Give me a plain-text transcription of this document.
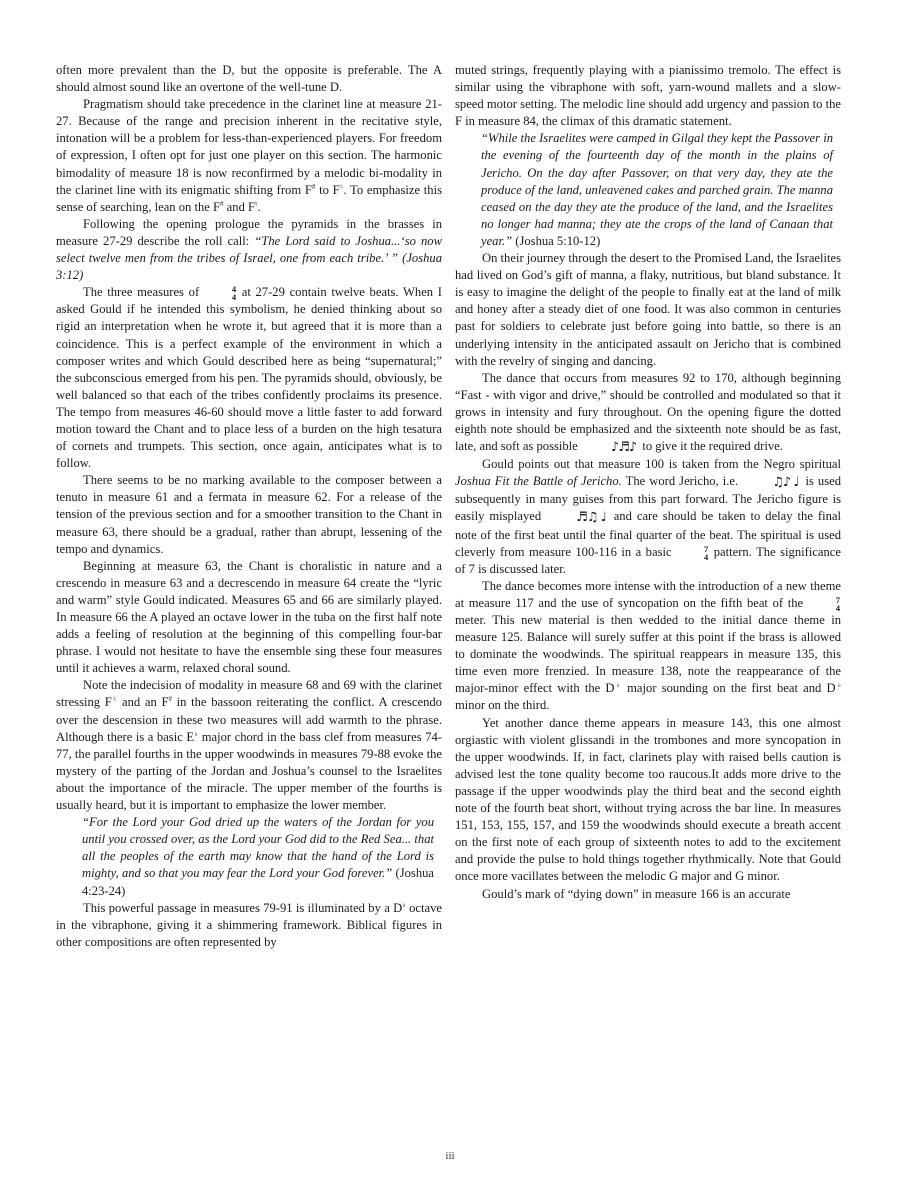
often more prevalent than the D, but the opposite is preferable. The A should almost sound like an overtone of the well-tune D.

Pragmatism should take precedence in the clarinet line at measure 21-27. Because of the range and precision inherent in the recitative style, intonation will be a problem for less-than-experienced players. For freedom of expression, I often opt for just one player on this section. The harmonic bimodality of measure 18 is now reconfirmed by a melodic bi-modality in the clarinet line with its enigmatic shifting from F# to F♮. To emphasize this sense of searching, lean on the F# and F♮.

Following the opening prologue the pyramids in the brasses in measure 27-29 describe the roll call: “The Lord said to Joshua...‘so now select twelve men from the tribes of Israel, one from each tribe.’ ” (Joshua 3:12)

The three measures of	4
4 at 27-29 contain twelve beats. When I asked Gould if he intended this symbolism, he denied thinking about so rigid an interpretation when he wrote it, but agreed that it is more than a coincidence. This is a perfect example of the environment in which a composer writes and which Gould described here as being “supernatural;” the subconscious emerged from his pen. The pyramids should, obviously, be well balanced so that each of the tribes confidently proclaims its presence. The tempo from measures 46-60 should move a little faster to add forward motion toward the Chant and to place less of a burden on the high tesatura of cornets and trumpets. This section, once again, anticipates what is to follow.

There seems to be no marking available to the composer between a tenuto in measure 61 and a fermata in measure 62. For a release of the tension of the previous section and for a smoother transition to the Chant in measure 63, there should be a gradual, rather than abrupt, lessening of the tempo and dynamics.

Beginning at measure 63, the Chant is choralistic in nature and a crescendo in measure 63 and a decrescendo in measure 64 create the “lyric and warm” style Gould indicated. Measures 65 and 66 are similarly played. In measure 66 the A played an octave lower in the tuba on the first half note adds a feeling of resolution at the beginning of this compelling four-bar phrase. I would not hesitate to have the ensemble sing these four measures until it achieves a warm, relaxed choral sound.

Note the indecision of modality in measure 68 and 69 with the clarinet stressing F♮ and an F# in the bassoon reiterating the conflict. A crescendo over the descension in these two measures will add warmth to the phrase. Although there is a basic E♭ major chord in the bass clef from measures 74-77, the parallel fourths in the upper woodwinds in measures 79-88 evoke the mystery of the parting of the Jordan and Joshua’s counsel to the Israelites about the importance of the miracle. The upper member of the fourths is usually heard, but it is important to emphasize the lower member.

“For the Lord your God dried up the waters of the Jordan for you until you crossed over, as the Lord your God did to the Red Sea... that all the peoples of the earth may know that the hand of the Lord is mighty, and so that you may fear the Lord your God forever.” (Joshua 4:23-24)

This powerful passage in measures 79-91 is illuminated by a D♭ octave in the vibraphone, giving it a shimmering framework. Biblical figures in other compositions are often represented by

muted strings, frequently playing with a pianissimo tremolo. The effect is similar using the vibraphone with soft, yarn-wound mallets and a slow-speed motor setting. The melodic line should add urgency and passion to the F in measure 84, the climax of this dramatic statement.

“While the Israelites were camped in Gilgal they kept the Passover in the evening of the fourteenth day of the month in the plains of Jericho. On the day after Passover, on that very day, they ate the produce of the land, unleavened cakes and parched grain. The manna ceased on the day they ate the produce of the land, and the Israelites no longer had manna; they ate the crops of the land of Canaan that year.” (Joshua 5:10-12)

On their journey through the desert to the Promised Land, the Israelites had lived on God’s gift of manna, a flaky, nutritious, but bland substance. It is easy to imagine the delight of the people to finally eat at the land of milk and honey after a steady diet of one food. It was also common in centuries past for soldiers to celebrate just before going into battle, so there is an underlying intensity in the anticipated assault on Jericho that is combined with the revelry of singing and dancing.

The dance that occurs from measures 92 to 170, although beginning “Fast - with vigor and drive,” should be controlled and modulated so that it grows in intensity and fury throughout. On the opening figure the dotted eighth note should be emphasized and the sixteenth note should be as fast, late, and soft as possible	♪♬♪ to give it the required drive.

Gould points out that measure 100 is taken from the Negro spiritual Joshua Fit the Battle of Jericho. The word Jericho, i.e.	♫♪ ♩ is used subsequently in many guises from this part forward. The Jericho figure is easily misplayed	♬♫ ♩ and care should be taken to delay the final note of the first beat until the final quarter of the beat. The spiritual is used cleverly from measure 100-116 in a basic	7
4 pattern. The significance of 7 is discussed later.

The dance becomes more intense with the introduction of a new theme at measure 117 and the use of syncopation on the fifth beat of the	7
4
meter. This new material is then wedded to the initial dance theme in measure 125. Balance will surely suffer at this point if the brass is allowed to dominate the woodwinds. The spiritual reappears in measure 135, this time even more frenzied. In measure 138, note the reappearance of the major-minor effect with the D♭ major sounding on the first beat and D♭ minor on the third.

Yet another dance theme appears in measure 143, this one almost orgiastic with violent glissandi in the trombones and more syncopation in the upper woodwinds. If, in fact, clarinets play with raised bells caution is advised lest the tone quality become too raucous.It adds more drive to the passage if the upper woodwinds play the third beat and the second eighth note of the fourth beat short, without trying across the bar line. In measures 151, 153, 155, 157, and 159 the woodwinds should execute a breath accent on the first note of each group of sixteenth notes to add to the excitement and provide the pulse to hold things together rhythmically. Note that Gould once more vacillates between the melodic G major and G minor.

Gould’s mark of “dying down” in measure 166 is an accurate

iii
